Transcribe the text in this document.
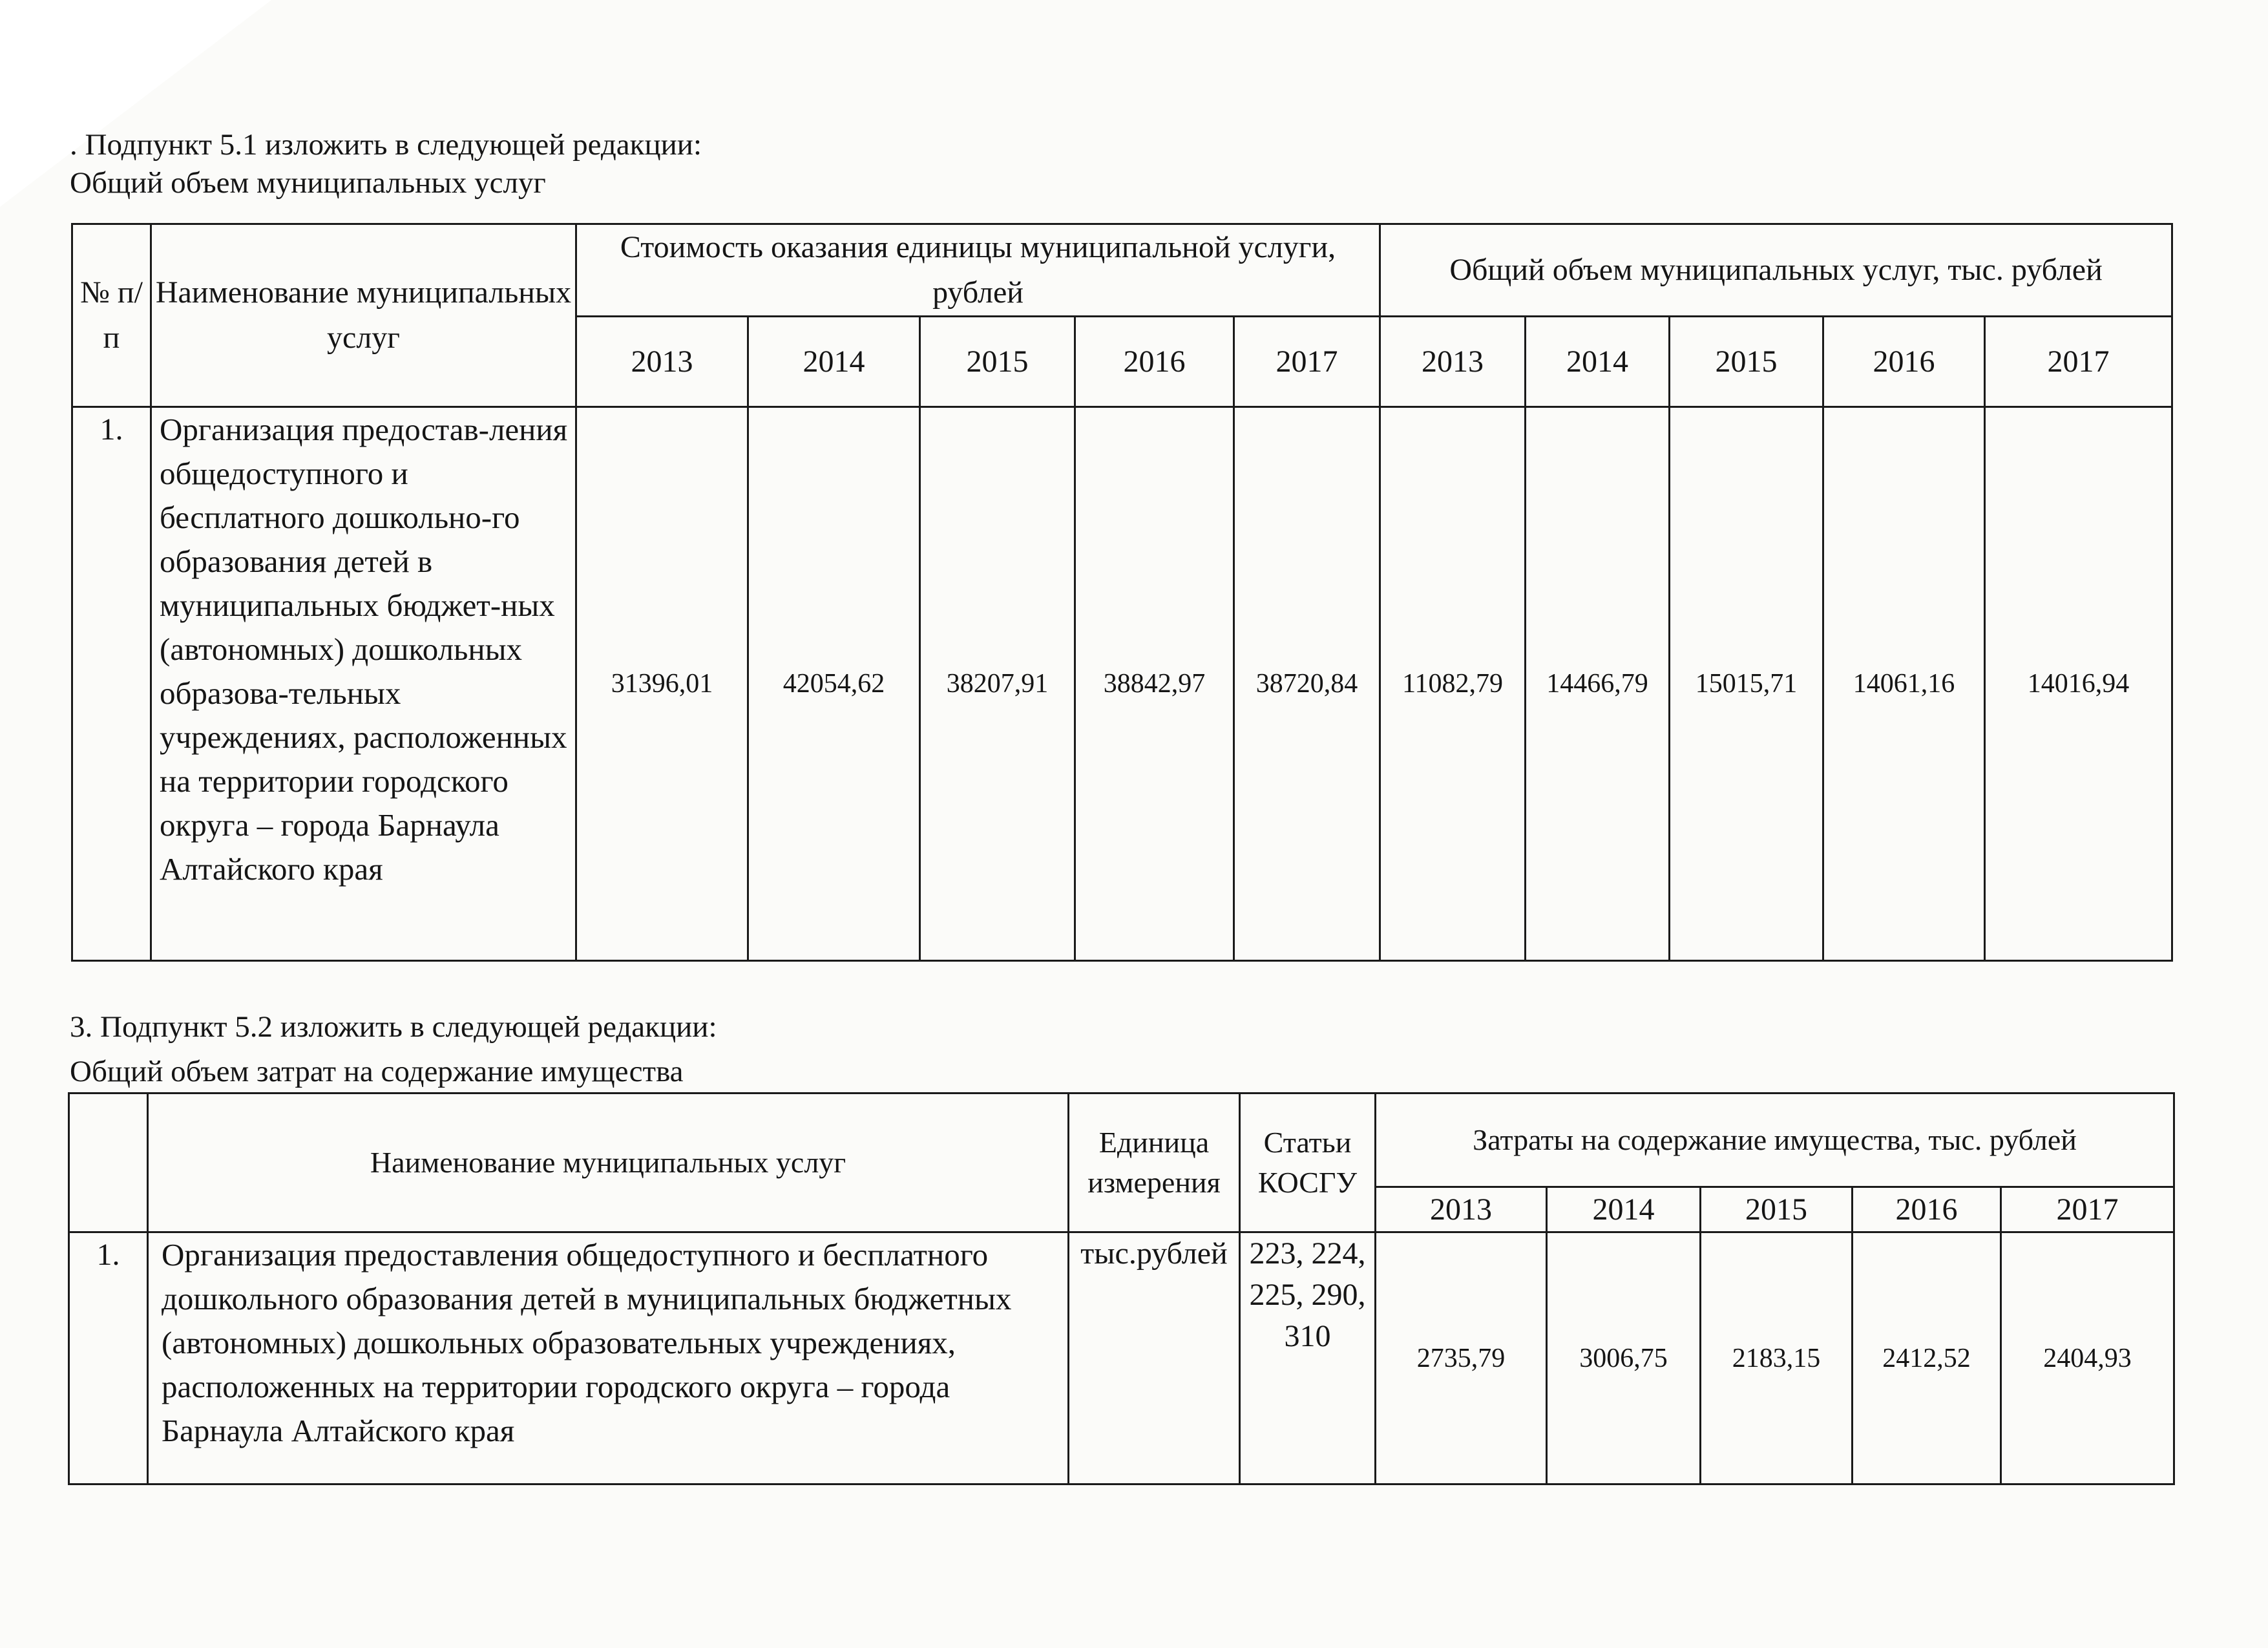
. Подпункт 5.1 изложить в следующей редакции:
Общий объем муниципальных услуг
№ п/п	Наименование муниципальных услуг	Стоимость оказания единицы муниципальной услуги, рублей					Общий объем муниципальных услуг, тыс. рублей				
		2013	2014	2015	2016	2017	2013	2014	2015	2016	2017
1.	Организация предостав-ления общедоступного и бесплатного дошкольно-го образования детей в муниципальных бюджет-ных (автономных) дошкольных образова-тельных учреждениях, расположенных на территории городского округа – города Барнаула Алтайского края	31396,01	42054,62	38207,91	38842,97	38720,84	11082,79	14466,79	15015,71	14061,16	14016,94
3. Подпункт 5.2 изложить в следующей редакции:
Общий объем затрат на содержание имущества
	Наименование муниципальных услуг	Единица измерения	Статьи КОСГУ	Затраты на содержание имущества, тыс. рублей				
				2013	2014	2015	2016	2017
1.	Организация предоставления общедоступного и бесплатного дошкольного образования детей в муниципальных бюджетных (автономных) дошкольных образовательных учреждениях, расположенных на территории городского округа – города Барнаула Алтайского края	тыс.рублей	223, 224, 225, 290, 310	2735,79	3006,75	2183,15	2412,52	2404,93
